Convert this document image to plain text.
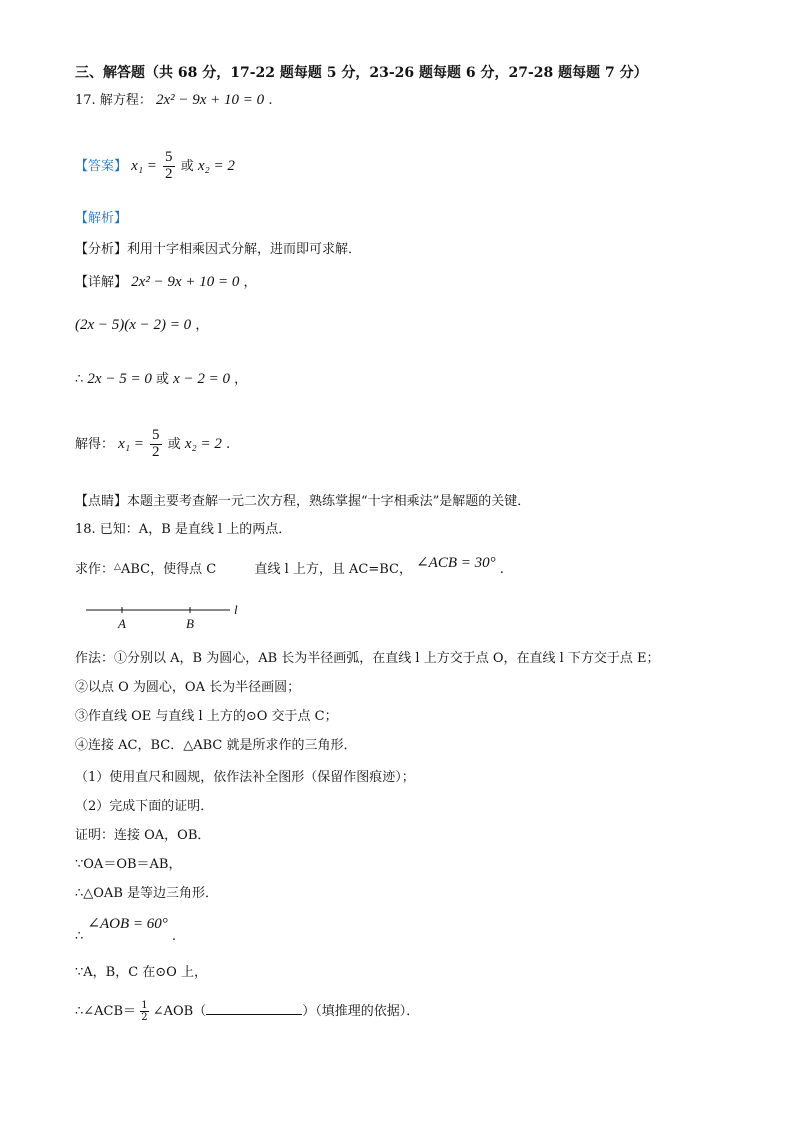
三、解答题（共 68 分，17-22 题每题 5 分，23-26 题每题 6 分，27-28 题每题 7 分）
17. 解方程： 2x² − 9x + 10 = 0 .
【答案】 $x_1 = \frac{5}{2}$ 或 x₂ = 2
【解析】
【分析】利用十字相乘因式分解，进而即可求解．
【详解】 2x² − 9x + 10 = 0 ，
(2x − 5)(x − 2) = 0 ，
∴ 2x − 5 = 0 或 x − 2 = 0 ，
解得： $x_1 = \frac{5}{2}$ 或 x₂ = 2 .
【点睛】本题主要考查解一元二次方程，熟练掌握“十字相乘法”是解题的关键．
18. 已知：A，B 是直线 l 上的两点．
求作：△ABC，使得点 C	直线 l 上方，且 AC=BC， ∠ACB = 30° .
A	B
l
作法：①分别以 A，B 为圆心，AB 长为半径画弧，在直线 l 上方交于点 O，在直线 l 下方交于点 E；
②以点 O 为圆心，OA 长为半径画圆；
③作直线 OE 与直线 l 上方的⊙O 交于点 C；
④连接 AC，BC．△ABC 就是所求作的三角形．
（1）使用直尺和圆规，依作法补全图形（保留作图痕迹）；
（2）完成下面的证明．
证明：连接 OA，OB．
∵OA＝OB＝AB，
∴△OAB 是等边三角形．
∴ ∠AOB = 60° .
∵A，B，C 在⊙O 上，
∴∠ACB＝ $\frac{1}{2}$ ∠AOB（	）（填推理的依据）．
